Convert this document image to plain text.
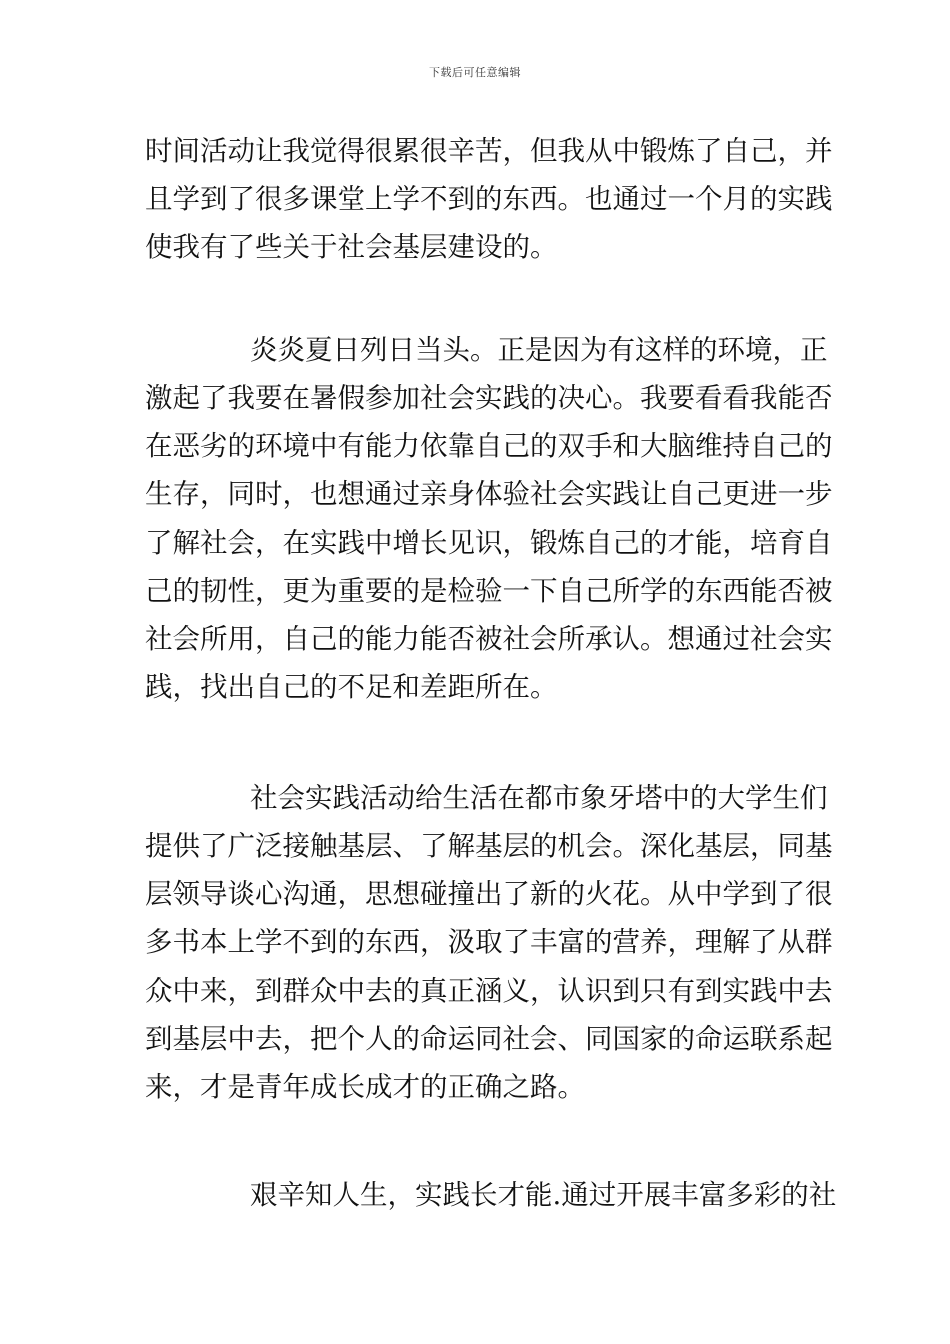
下载后可任意编辑
时间活动让我觉得很累很辛苦，但我从中锻炼了自己，并
且学到了很多课堂上学不到的东西。也通过一个月的实践
使我有了些关于社会基层建设的。
炎炎夏日列日当头。正是因为有这样的环境，正
激起了我要在暑假参加社会实践的决心。我要看看我能否
在恶劣的环境中有能力依靠自己的双手和大脑维持自己的
生存，同时，也想通过亲身体验社会实践让自己更进一步
了解社会，在实践中增长见识，锻炼自己的才能，培育自
己的韧性，更为重要的是检验一下自己所学的东西能否被
社会所用，自己的能力能否被社会所承认。想通过社会实
践，找出自己的不足和差距所在。
社会实践活动给生活在都市象牙塔中的大学生们
提供了广泛接触基层、了解基层的机会。深化基层，同基
层领导谈心沟通，思想碰撞出了新的火花。从中学到了很
多书本上学不到的东西，汲取了丰富的营养，理解了从群
众中来，到群众中去的真正涵义，认识到只有到实践中去
到基层中去，把个人的命运同社会、同国家的命运联系起
来，才是青年成长成才的正确之路。
艰辛知人生，实践长才能.通过开展丰富多彩的社
